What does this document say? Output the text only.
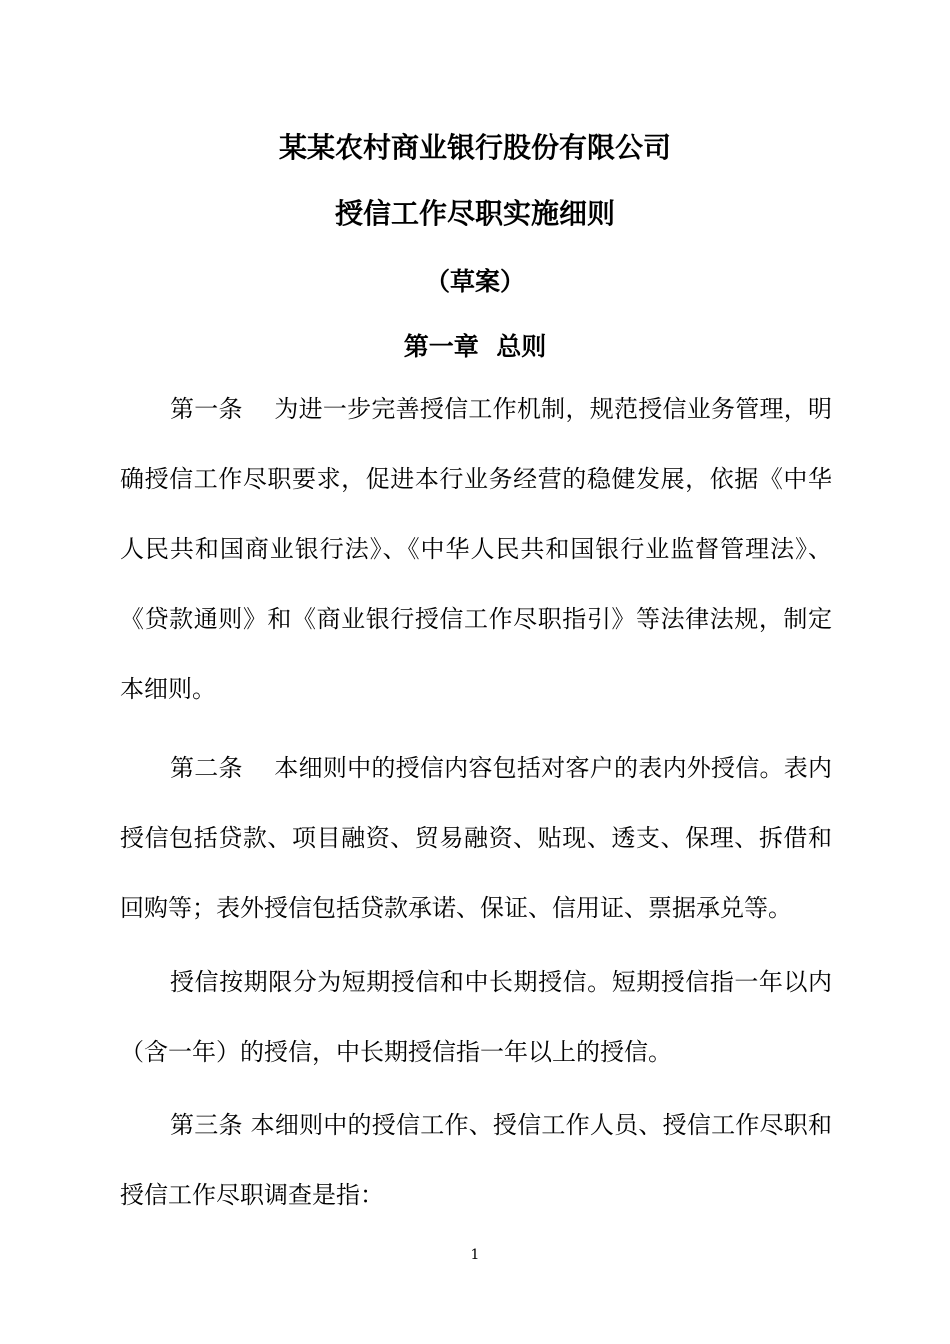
某某农村商业银行股份有限公司
授信工作尽职实施细则
（草案）
第一章  总则

第一条 为进一步完善授信工作机制，规范授信业务管理，明确授信工作尽职要求，促进本行业务经营的稳健发展，依据《中华人民共和国商业银行法》、《中华人民共和国银行业监督管理法》、《贷款通则》和《商业银行授信工作尽职指引》等法律法规，制定本细则。

第二条 本细则中的授信内容包括对客户的表内外授信。表内授信包括贷款、项目融资、贸易融资、贴现、透支、保理、拆借和回购等；表外授信包括贷款承诺、保证、信用证、票据承兑等。

授信按期限分为短期授信和中长期授信。短期授信指一年以内（含一年）的授信，中长期授信指一年以上的授信。

第三条 本细则中的授信工作、授信工作人员、授信工作尽职和授信工作尽职调查是指：

1
